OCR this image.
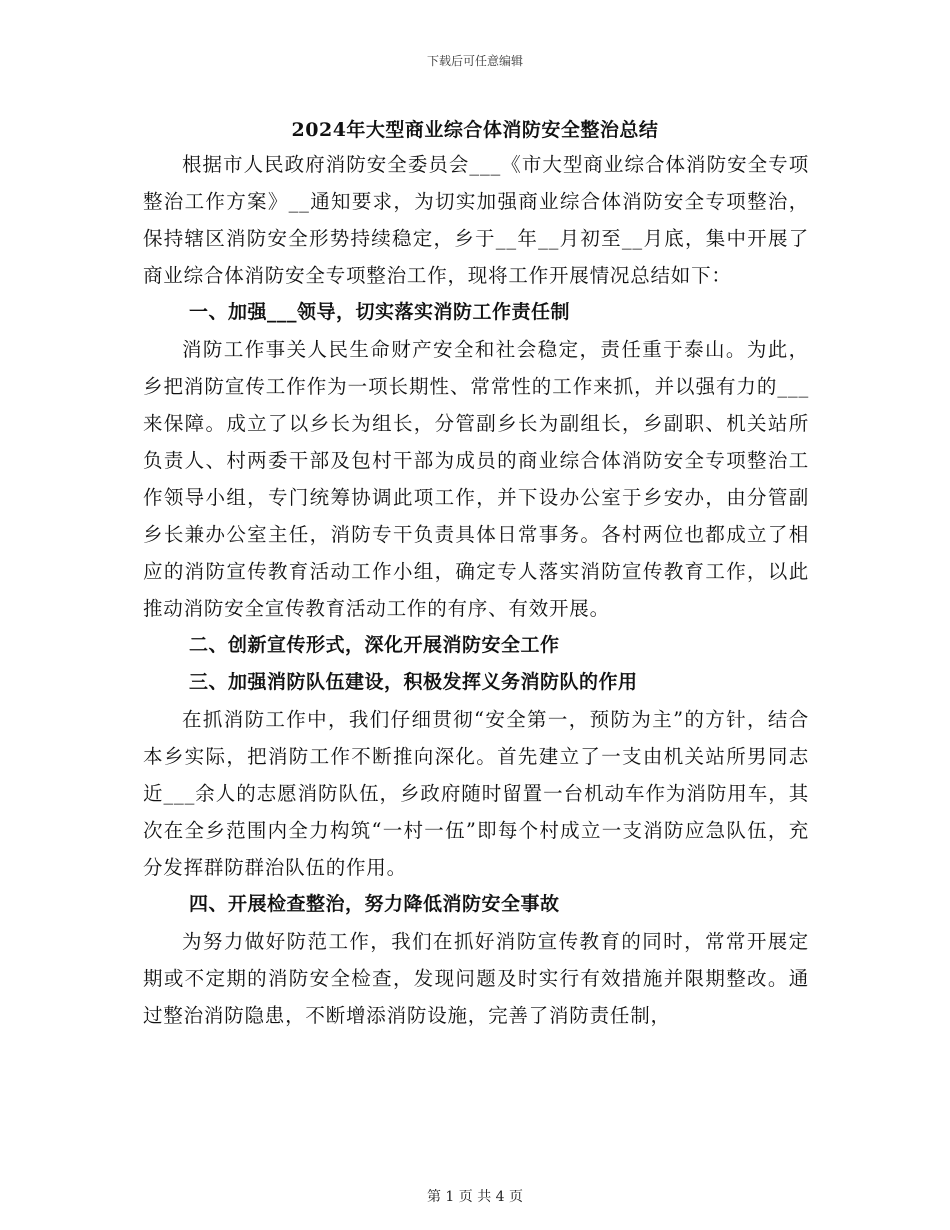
下载后可任意编辑
2024年大型商业综合体消防安全整治总结

根据市人民政府消防安全委员会___《市大型商业综合体消防安全专项整治工作方案》__通知要求，为切实加强商业综合体消防安全专项整治，保持辖区消防安全形势持续稳定，乡于__年__月初至__月底，集中开展了商业综合体消防安全专项整治工作，现将工作开展情况总结如下：

一、加强___领导，切实落实消防工作责任制

消防工作事关人民生命财产安全和社会稳定，责任重于泰山。为此，乡把消防宣传工作作为一项长期性、常常性的工作来抓，并以强有力的___来保障。成立了以乡长为组长，分管副乡长为副组长，乡副职、机关站所负责人、村两委干部及包村干部为成员的商业综合体消防安全专项整治工作领导小组，专门统筹协调此项工作，并下设办公室于乡安办，由分管副乡长兼办公室主任，消防专干负责具体日常事务。各村两位也都成立了相应的消防宣传教育活动工作小组，确定专人落实消防宣传教育工作，以此推动消防安全宣传教育活动工作的有序、有效开展。

二、创新宣传形式，深化开展消防安全工作

三、加强消防队伍建设，积极发挥义务消防队的作用

在抓消防工作中，我们仔细贯彻“安全第一，预防为主”的方针，结合本乡实际，把消防工作不断推向深化。首先建立了一支由机关站所男同志近___余人的志愿消防队伍，乡政府随时留置一台机动车作为消防用车，其次在全乡范围内全力构筑“一村一伍”即每个村成立一支消防应急队伍，充分发挥群防群治队伍的作用。

四、开展检查整治，努力降低消防安全事故

为努力做好防范工作，我们在抓好消防宣传教育的同时，常常开展定期或不定期的消防安全检查，发现问题及时实行有效措施并限期整改。通过整治消防隐患，不断增添消防设施，完善了消防责任制，

第 1 页 共 4 页
